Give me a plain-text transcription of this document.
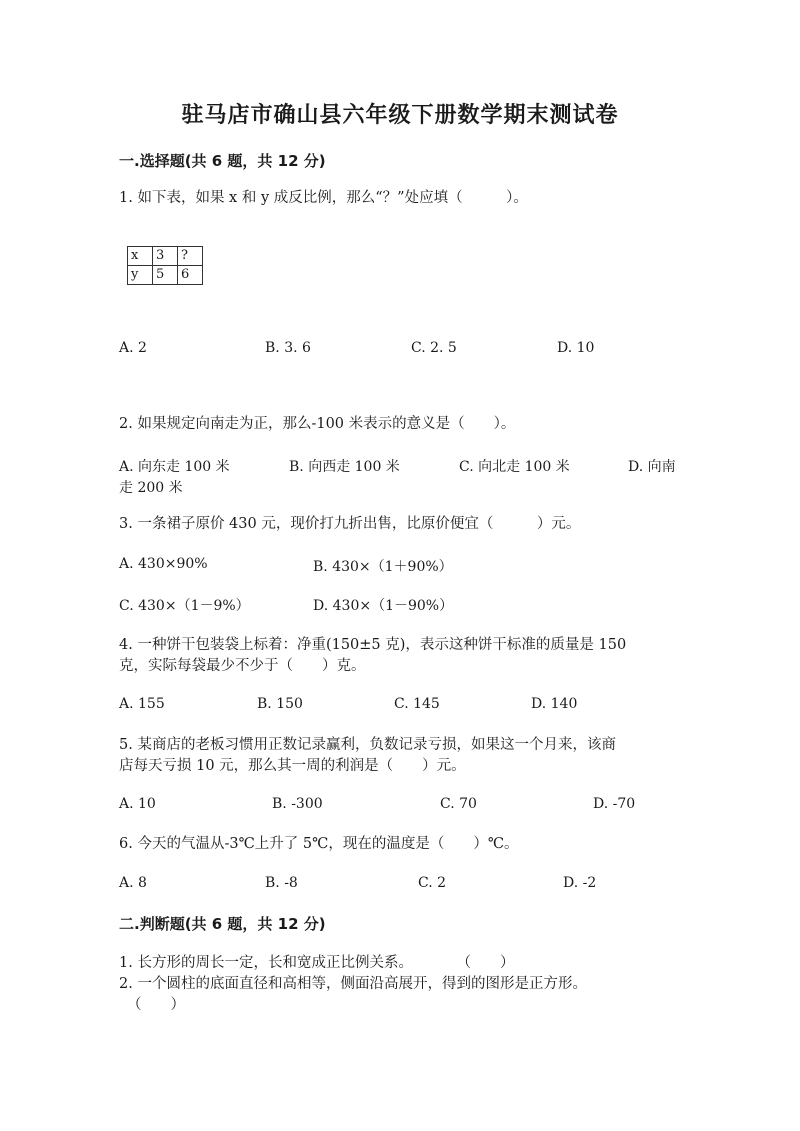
驻马店市确山县六年级下册数学期末测试卷
一.选择题(共 6 题，共 12 分)
1. 如下表，如果 x 和 y 成反比例，那么“？”处应填（　　　）。
x	3	?
y	5	6
A. 2	B. 3. 6	C. 2. 5	D. 10
2. 如果规定向南走为正，那么-100 米表示的意义是（　　）。
A. 向东走 100 米	B. 向西走 100 米	C. 向北走 100 米	D. 向南
走 200 米
3. 一条裙子原价 430 元，现价打九折出售，比原价便宜（　　　）元。
A. 430×90%	B. 430×（1＋90%）
C. 430×（1－9%）	D. 430×（1－90%）
4. 一种饼干包装袋上标着：净重(150±5 克)，表示这种饼干标准的质量是 150
克，实际每袋最少不少于（　　）克。
A. 155	B. 150	C. 145	D. 140
5. 某商店的老板习惯用正数记录赢利，负数记录亏损，如果这一个月来，该商
店每天亏损 10 元，那么其一周的利润是（　　）元。
A. 10	B. -300	C. 70	D. -70
6. 今天的气温从-3℃上升了 5℃，现在的温度是（　　）℃。
A. 8	B. -8	C. 2	D. -2
二.判断题(共 6 题，共 12 分)
1. 长方形的周长一定，长和宽成正比例关系。　　　　（　　）
2. 一个圆柱的底面直径和高相等，侧面沿高展开，得到的图形是正方形。
（　　）
